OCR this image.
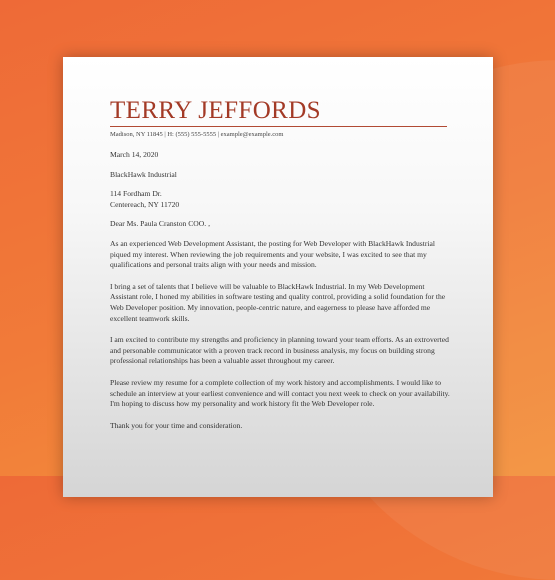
TERRY JEFFORDS
Madison, NY 11845 | H: (555) 555-5555 | example@example.com

March 14, 2020

BlackHawk Industrial

114 Fordham Dr.

Centereach, NY 11720

Dear Ms. Paula Cranston COO. ,

As an experienced Web Development Assistant, the posting for Web Developer with BlackHawk Industrial piqued my interest. When reviewing the job requirements and your website, I was excited to see that my qualifications and personal traits align with your needs and mission.

I bring a set of talents that I believe will be valuable to BlackHawk Industrial. In my Web Development Assistant role, I honed my abilities in software testing and quality control, providing a solid foundation for the Web Developer position. My innovation, people-centric nature, and eagerness to please have afforded me excellent teamwork skills.

I am excited to contribute my strengths and proficiency in planning toward your team efforts. As an extroverted and personable communicator with a proven track record in business analysis, my focus on building strong professional relationships has been a valuable asset throughout my career.

Please review my resume for a complete collection of my work history and accomplishments. I would like to schedule an interview at your earliest convenience and will contact you next week to check on your availability. I'm hoping to discuss how my personality and work history fit the Web Developer role.

Thank you for your time and consideration.
